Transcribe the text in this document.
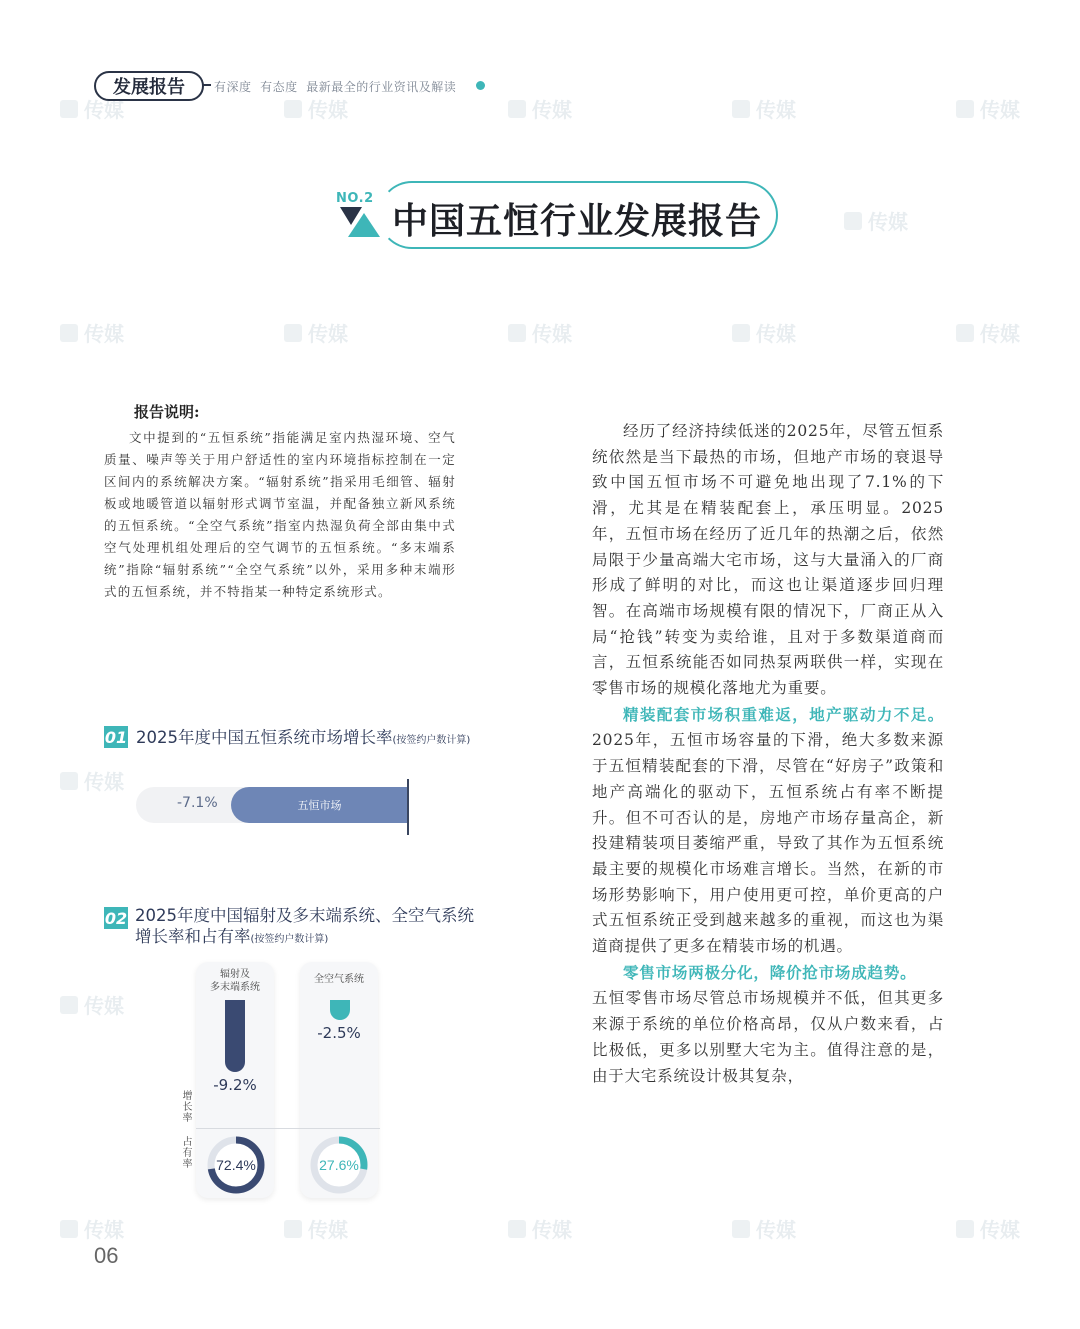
传媒	传媒	传媒	传媒	传媒
传媒
传媒	传媒	传媒	传媒	传媒
传媒
传媒
传媒	传媒	传媒	传媒	传媒
发展报告	有深度  有态度  最新最全的行业资讯及解读
NO.2
中国五恒行业发展报告
报告说明:
文中提到的“五恒系统”指能满足室内热湿环境、空气质量、噪声等关于用户舒适性的室内环境指标控制在一定区间内的系统解决方案。“辐射系统”指采用毛细管、辐射板或地暖管道以辐射形式调节室温，并配备独立新风系统的五恒系统。“全空气系统”指室内热湿负荷全部由集中式空气处理机组处理后的空气调节的五恒系统。“多末端系统”指除“辐射系统”“全空气系统”以外，采用多种末端形式的五恒系统，并不特指某一种特定系统形式。
01 2025年度中国五恒系统市场增长率(按签约户数计算)
五恒市场
-7.1%
02 2025年度中国辐射及多末端系统、全空气系统
增长率和占有率(按签约户数计算)
辐射及
多末端系统
全空气系统
-9.2%
-2.5%
增长率
占有率 72.4%	27.6%

经历了经济持续低迷的2025年，尽管五恒系统依然是当下最热的市场，但地产市场的衰退导致中国五恒市场不可避免地出现了7.1%的下滑，尤其是在精装配套上，承压明显。2025年，五恒市场在经历了近几年的热潮之后，依然局限于少量高端大宅市场，这与大量涌入的厂商形成了鲜明的对比，而这也让渠道逐步回归理智。在高端市场规模有限的情况下，厂商正从入局“抢钱”转变为卖给谁，且对于多数渠道商而言，五恒系统能否如同热泵两联供一样，实现在零售市场的规模化落地尤为重要。

精装配套市场积重难返，地产驱动力不足。2025年，五恒市场容量的下滑，绝大多数来源于五恒精装配套的下滑，尽管在“好房子”政策和地产高端化的驱动下，五恒系统占有率不断提升。但不可否认的是，房地产市场存量高企，新投建精装项目萎缩严重，导致了其作为五恒系统最主要的规模化市场难言增长。当然，在新的市场形势影响下，用户使用更可控，单价更高的户式五恒系统正受到越来越多的重视，而这也为渠道商提供了更多在精装市场的机遇。

零售市场两极分化，降价抢市场成趋势。
五恒零售市场尽管总市场规模并不低，但其更多来源于系统的单位价格高昂，仅从户数来看，占比极低，更多以别墅大宅为主。值得注意的是，由于大宅系统设计极其复杂，

06
